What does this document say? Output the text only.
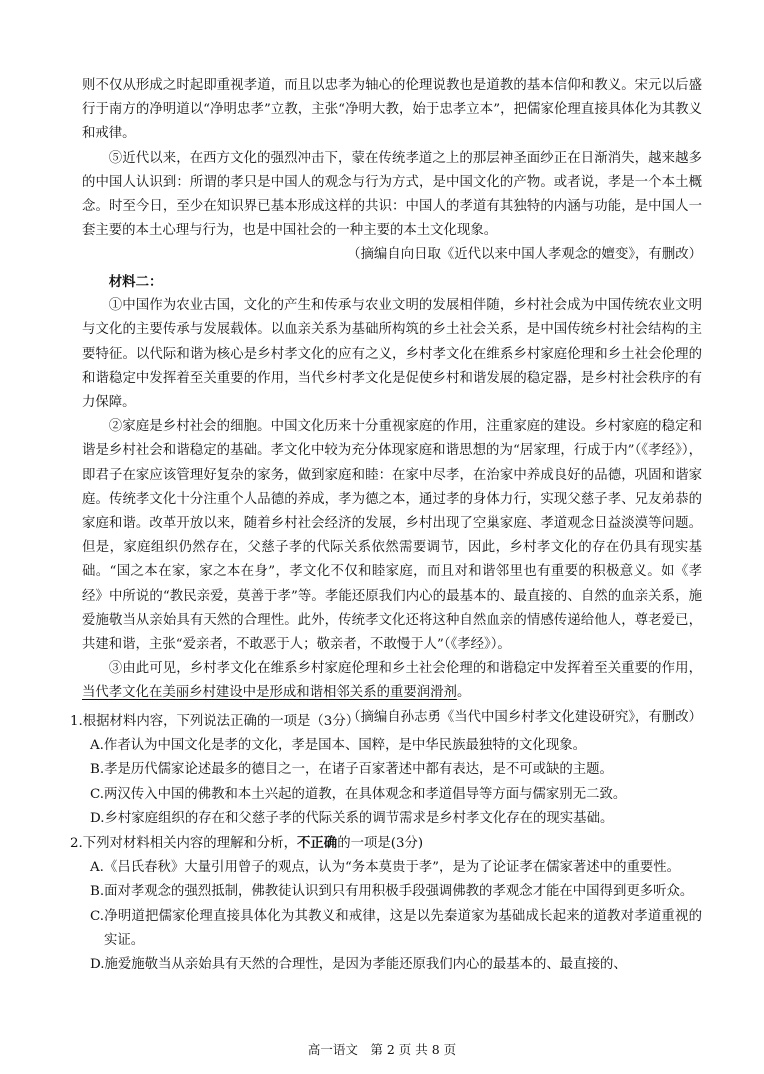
则不仅从形成之时起即重视孝道，而且以忠孝为轴心的伦理说教也是道教的基本信仰和教义。宋元以后盛行于南方的净明道以“净明忠孝”立教，主张“净明大教，始于忠孝立本”，把儒家伦理直接具体化为其教义和戒律。

⑤近代以来，在西方文化的强烈冲击下，蒙在传统孝道之上的那层神圣面纱正在日渐消失，越来越多的中国人认识到：所谓的孝只是中国人的观念与行为方式，是中国文化的产物。或者说，孝是一个本土概念。时至今日，至少在知识界已基本形成这样的共识：中国人的孝道有其独特的内涵与功能，是中国人一套主要的本土心理与行为，也是中国社会的一种主要的本土文化现象。

（摘编自向日取《近代以来中国人孝观念的嬗变》，有删改）

材料二：

①中国作为农业古国，文化的产生和传承与农业文明的发展相伴随，乡村社会成为中国传统农业文明与文化的主要传承与发展载体。以血亲关系为基础所构筑的乡土社会关系，是中国传统乡村社会结构的主要特征。以代际和谐为核心是乡村孝文化的应有之义，乡村孝文化在维系乡村家庭伦理和乡土社会伦理的和谐稳定中发挥着至关重要的作用，当代乡村孝文化是促使乡村和谐发展的稳定器，是乡村社会秩序的有力保障。

②家庭是乡村社会的细胞。中国文化历来十分重视家庭的作用，注重家庭的建设。乡村家庭的稳定和谐是乡村社会和谐稳定的基础。孝文化中较为充分体现家庭和谐思想的为“居家理，行成于内”（《孝经》），即君子在家应该管理好复杂的家务，做到家庭和睦：在家中尽孝，在治家中养成良好的品德，巩固和谐家庭。传统孝文化十分注重个人品德的养成，孝为德之本，通过孝的身体力行，实现父慈子孝、兄友弟恭的家庭和谐。改革开放以来，随着乡村社会经济的发展，乡村出现了空巢家庭、孝道观念日益淡漠等问题。但是，家庭组织仍然存在，父慈子孝的代际关系依然需要调节，因此，乡村孝文化的存在仍具有现实基础。“国之本在家，家之本在身”，孝文化不仅和睦家庭，而且对和谐邻里也有重要的积极意义。如《孝经》中所说的“教民亲爱，莫善于孝”等。孝能还原我们内心的最基本的、最直接的、自然的血亲关系，施爱施敬当从亲始具有天然的合理性。此外，传统孝文化还将这种自然血亲的情感传递给他人，尊老爱已，共建和谐，主张“爱亲者，不敢恶于人；敬亲者，不敢慢于人”（《孝经》）。

③由此可见，乡村孝文化在维系乡村家庭伦理和乡土社会伦理的和谐稳定中发挥着至关重要的作用，当代孝文化在美丽乡村建设中是形成和谐相邻关系的重要润滑剂。

（摘编自孙志勇《当代中国乡村孝文化建设研究》，有删改）

1.根据材料内容，下列说法正确的一项是（3分）

A.作者认为中国文化是孝的文化，孝是国本、国粹，是中华民族最独特的文化现象。

B.孝是历代儒家论述最多的德目之一，在诸子百家著述中都有表达，是不可或缺的主题。

C.两汉传入中国的佛教和本土兴起的道教，在具体观念和孝道倡导等方面与儒家别无二致。

D.乡村家庭组织的存在和父慈子孝的代际关系的调节需求是乡村孝文化存在的现实基础。

2.下列对材料相关内容的理解和分析，不正确的一项是(3分)

A.《吕氏春秋》大量引用曾子的观点，认为“务本莫贵于孝”，是为了论证孝在儒家著述中的重要性。

B.面对孝观念的强烈抵制，佛教徒认识到只有用积极手段强调佛教的孝观念才能在中国得到更多听众。

C.净明道把儒家伦理直接具体化为其教义和戒律，这是以先秦道家为基础成长起来的道教对孝道重视的实证。

D.施爱施敬当从亲始具有天然的合理性，是因为孝能还原我们内心的最基本的、最直接的、

高一语文　第 2 页 共 8 页
